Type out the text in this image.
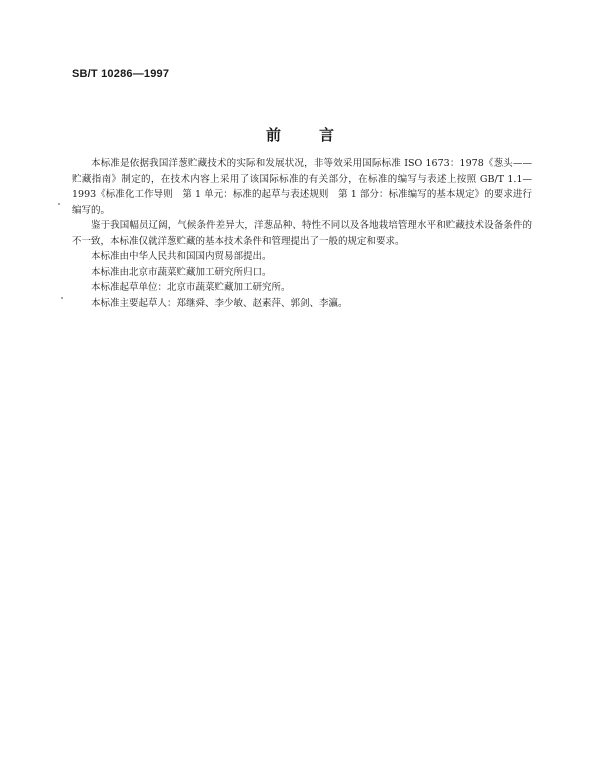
SB/T 10286—1997
前言

本标准是依据我国洋葱贮藏技术的实际和发展状况，非等效采用国际标准 ISO 1673：1978《葱头——贮藏指南》制定的，在技术内容上采用了该国际标准的有关部分，在标准的编写与表述上按照 GB/T 1.1—1993《标准化工作导则　第 1 单元：标准的起草与表述规则　第 1 部分：标准编写的基本规定》的要求进行编写的。

鉴于我国幅员辽阔，气候条件差异大，洋葱品种、特性不同以及各地栽培管理水平和贮藏技术设备条件的不一致，本标准仅就洋葱贮藏的基本技术条件和管理提出了一般的规定和要求。

本标准由中华人民共和国国内贸易部提出。

本标准由北京市蔬菜贮藏加工研究所归口。

本标准起草单位：北京市蔬菜贮藏加工研究所。

本标准主要起草人：郑继舜、李少敏、赵素萍、郭剑、李瀛。
